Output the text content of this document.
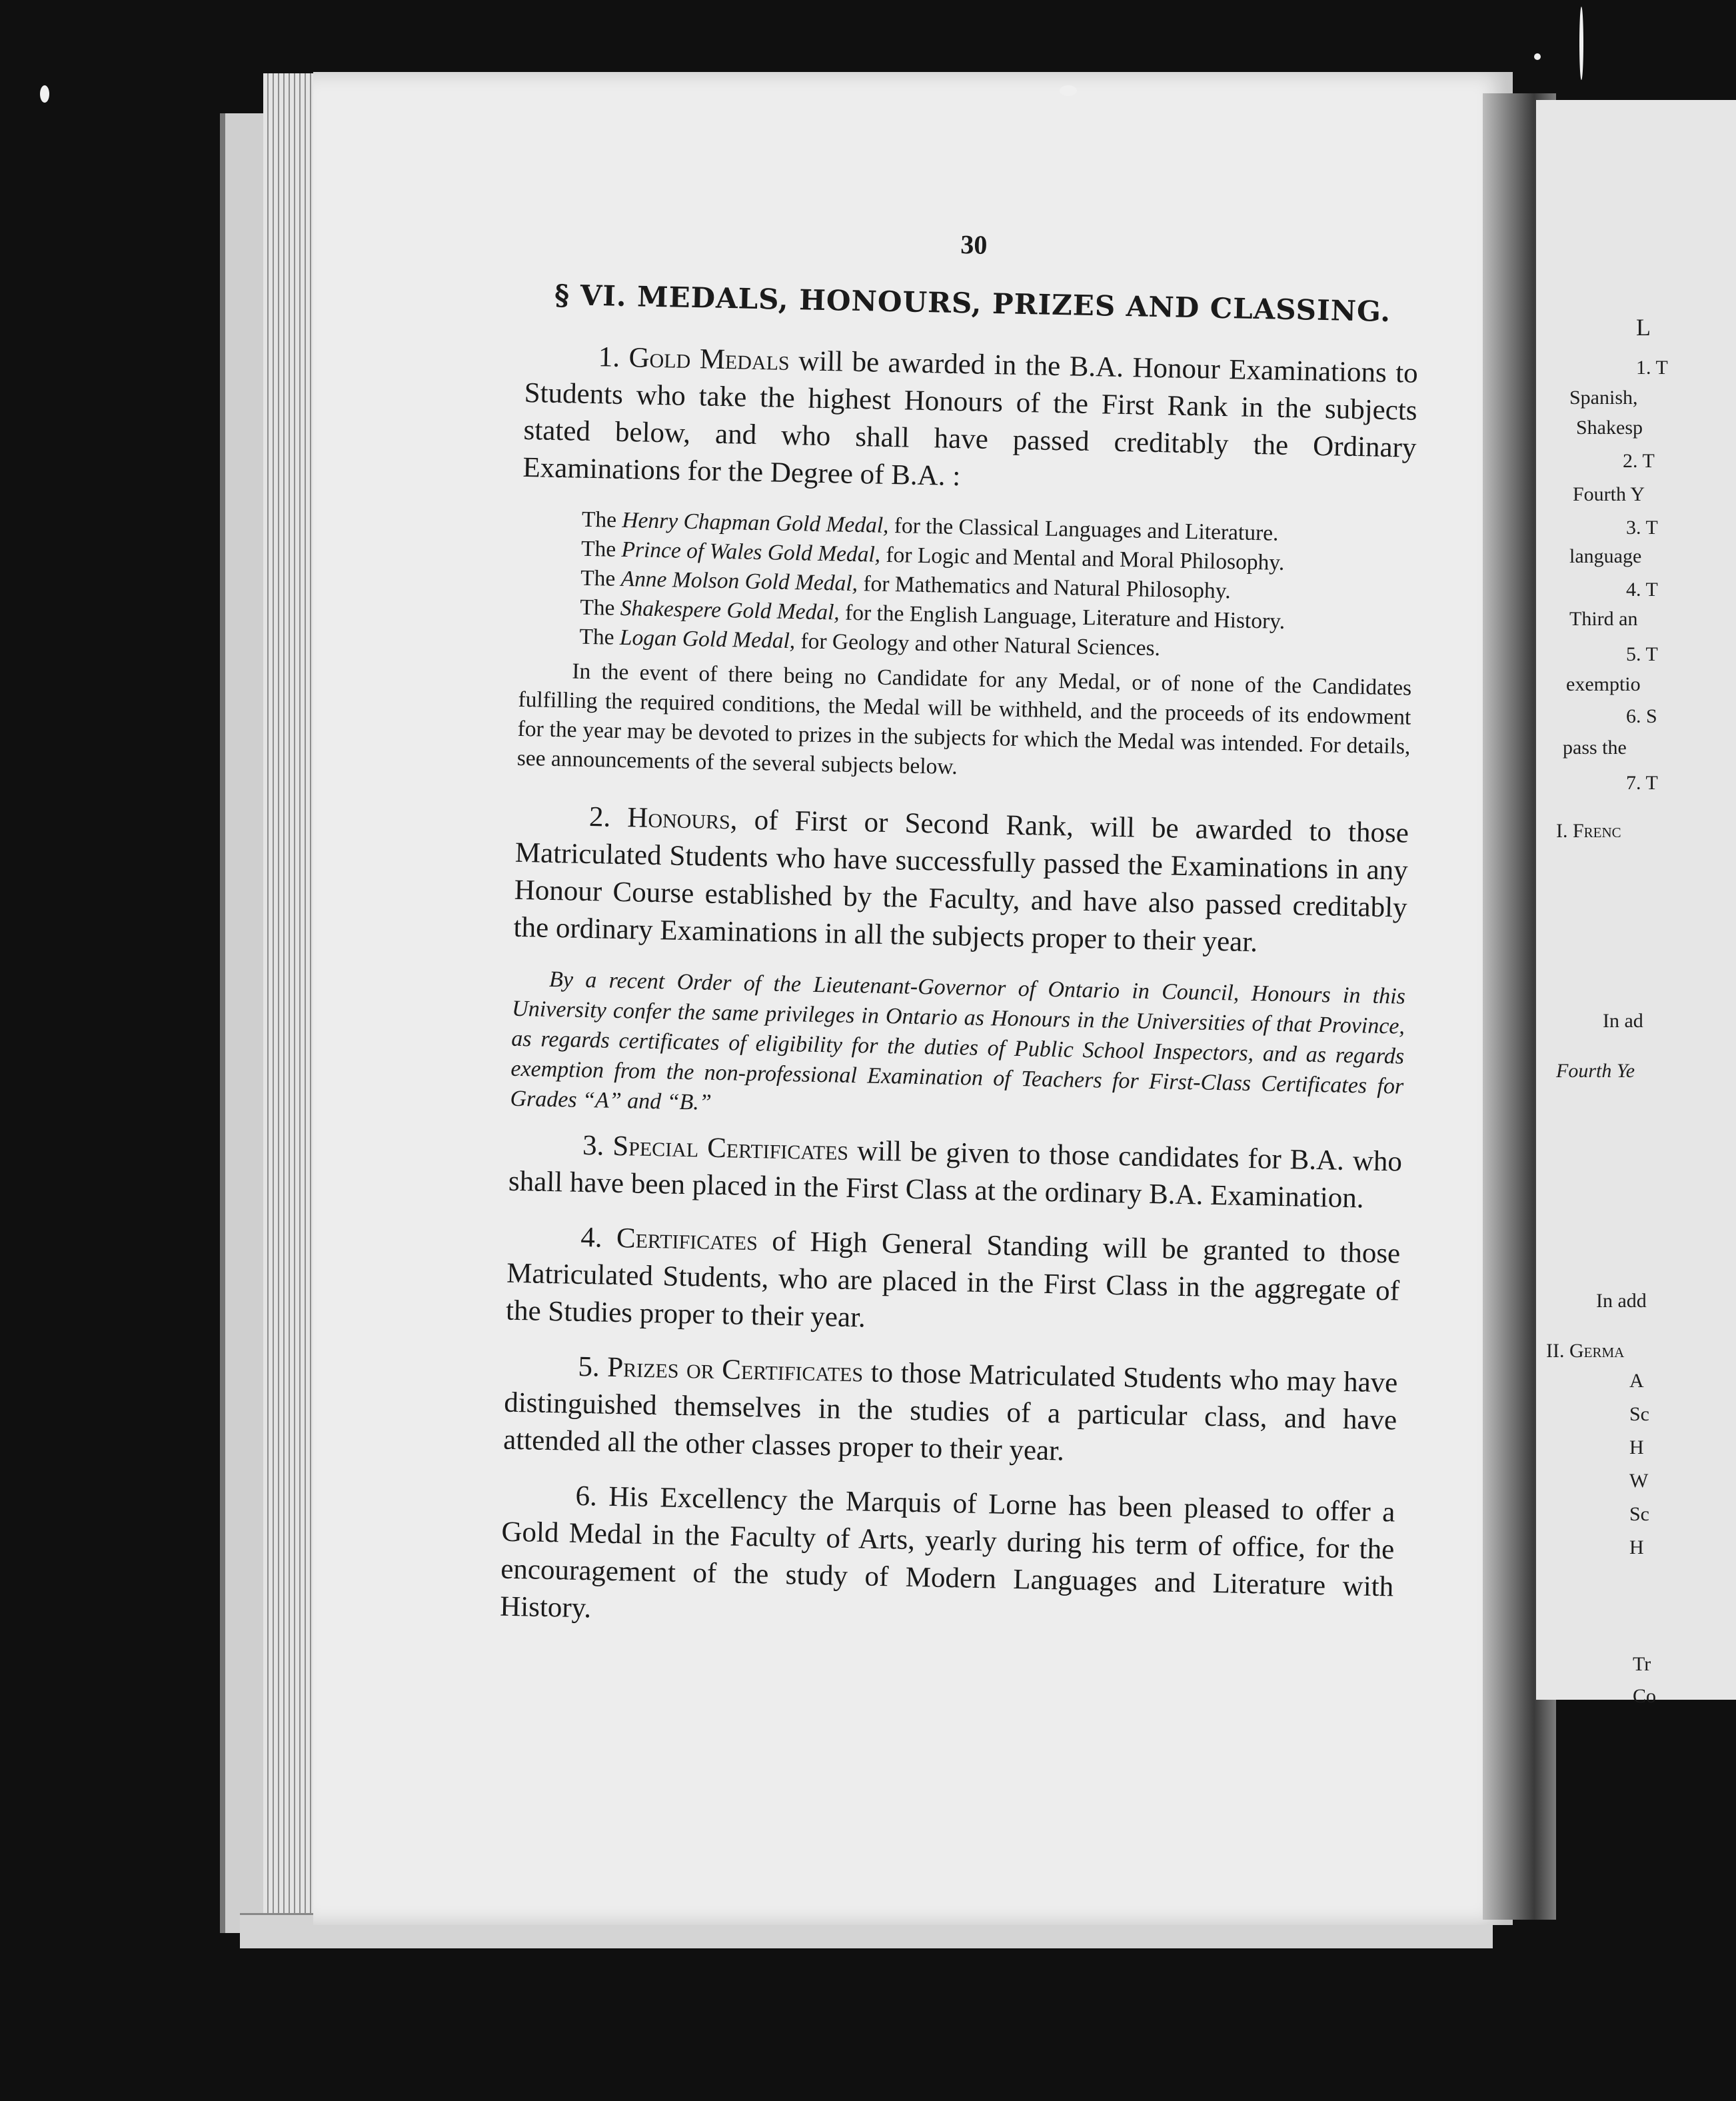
L
1. T
Spanish,
Shakesp
2. T
Fourth Y
3. T
language
4. T
Third an
5. T
exemptio
6. S
pass the
7. T
I. Frenc
In ad
Fourth Ye
In add
II. Germa
A
Sc
H
W
Sc
H
Tr
Co
30
§ VI. MEDALS, HONOURS, PRIZES AND CLASSING.

1. Gold Medals will be awarded in the B.A. Honour Examinations to Students who take the highest Honours of the First Rank in the subjects stated below, and who shall have passed creditably the Ordinary Examinations for the Degree of B.A. :

The Henry Chapman Gold Medal, for the Classical Languages and Literature.
The Prince of Wales Gold Medal, for Logic and Mental and Moral Philosophy.
The Anne Molson Gold Medal, for Mathematics and Natural Philosophy.
The Shakespere Gold Medal, for the English Language, Literature and History.
The Logan Gold Medal, for Geology and other Natural Sciences.

In the event of there being no Candidate for any Medal, or of none of the Candidates fulfilling the required conditions, the Medal will be withheld, and the proceeds of its endowment for the year may be devoted to prizes in the subjects for which the Medal was intended. For details, see announcements of the several subjects below.

2. Honours, of First or Second Rank, will be awarded to those Matriculated Students who have successfully passed the Examinations in any Honour Course established by the Faculty, and have also passed creditably the ordinary Examinations in all the subjects proper to their year.

By a recent Order of the Lieutenant-Governor of Ontario in Council, Honours in this University confer the same privileges in Ontario as Honours in the Universities of that Province, as regards certificates of eligibility for the duties of Public School Inspectors, and as regards exemption from the non-professional Examination of Teachers for First-Class Certificates for Grades “A” and “B.”

3. Special Certificates will be given to those candidates for B.A. who shall have been placed in the First Class at the ordinary B.A. Examination.

4. Certificates of High General Standing will be granted to those Matriculated Students, who are placed in the First Class in the aggregate of the Studies proper to their year.

5. Prizes or Certificates to those Matriculated Students who may have distinguished themselves in the studies of a particular class, and have attended all the other classes proper to their year.

6. His Excellency the Marquis of Lorne has been pleased to offer a Gold Medal in the Faculty of Arts, yearly during his term of office, for the encouragement of the study of Modern Languages and Literature with History.
